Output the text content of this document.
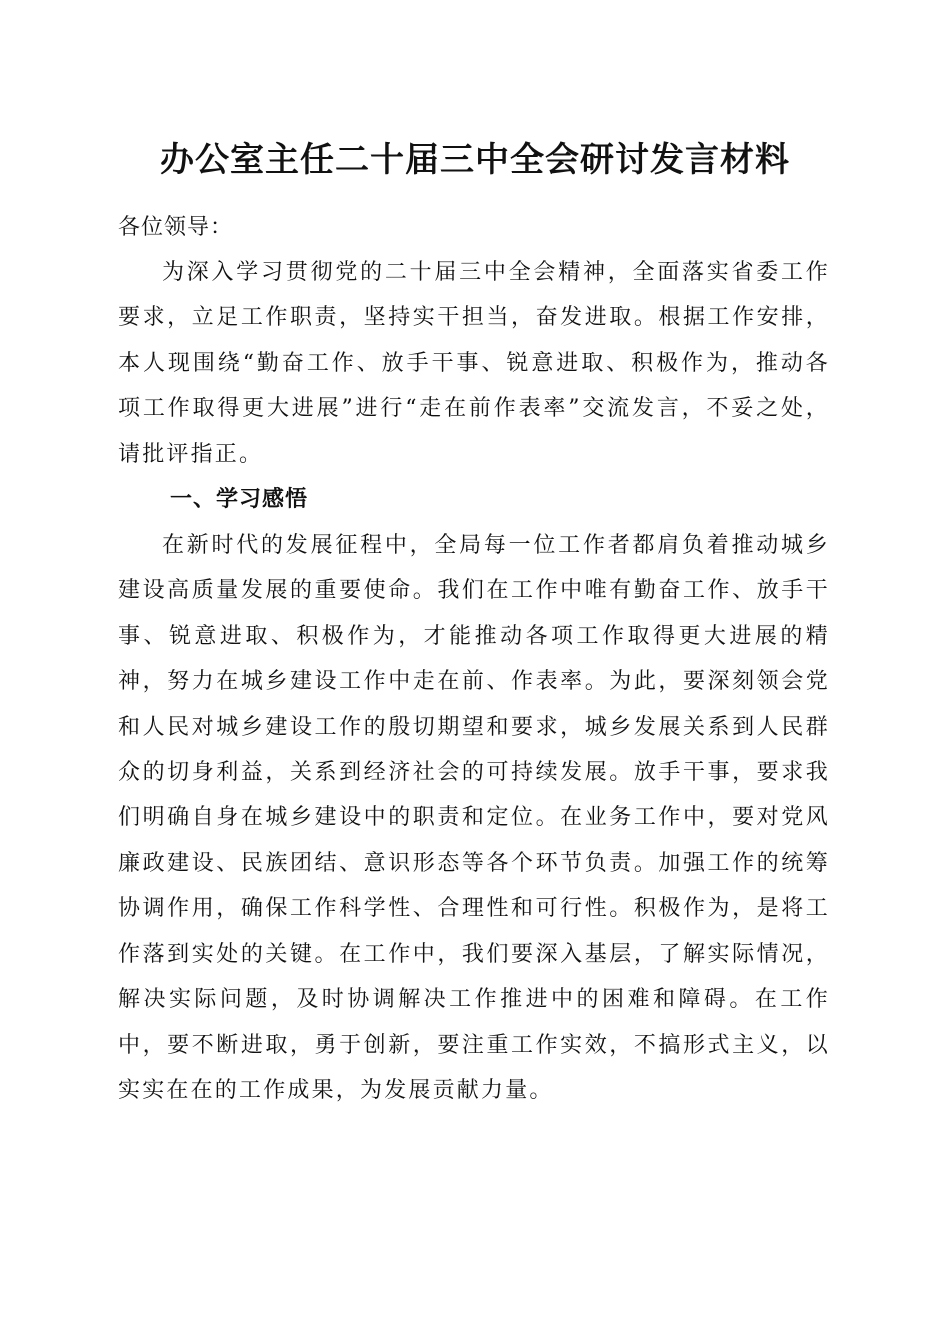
办公室主任二十届三中全会研讨发言材料

各位领导：

为深入学习贯彻党的二十届三中全会精神，全面落实省委工作要求，立足工作职责，坚持实干担当，奋发进取。根据工作安排，本人现围绕“勤奋工作、放手干事、锐意进取、积极作为，推动各项工作取得更大进展”进行“走在前作表率”交流发言，不妥之处，请批评指正。

一、学习感悟

在新时代的发展征程中，全局每一位工作者都肩负着推动城乡建设高质量发展的重要使命。我们在工作中唯有勤奋工作、放手干事、锐意进取、积极作为，才能推动各项工作取得更大进展的精神，努力在城乡建设工作中走在前、作表率。为此，要深刻领会党和人民对城乡建设工作的殷切期望和要求，城乡发展关系到人民群众的切身利益，关系到经济社会的可持续发展。放手干事，要求我们明确自身在城乡建设中的职责和定位。在业务工作中，要对党风廉政建设、民族团结、意识形态等各个环节负责。加强工作的统筹协调作用，确保工作科学性、合理性和可行性。积极作为，是将工作落到实处的关键。在工作中，我们要深入基层，了解实际情况，解决实际问题，及时协调解决工作推进中的困难和障碍。在工作中，要不断进取，勇于创新，要注重工作实效，不搞形式主义，以实实在在的工作成果，为发展贡献力量。
